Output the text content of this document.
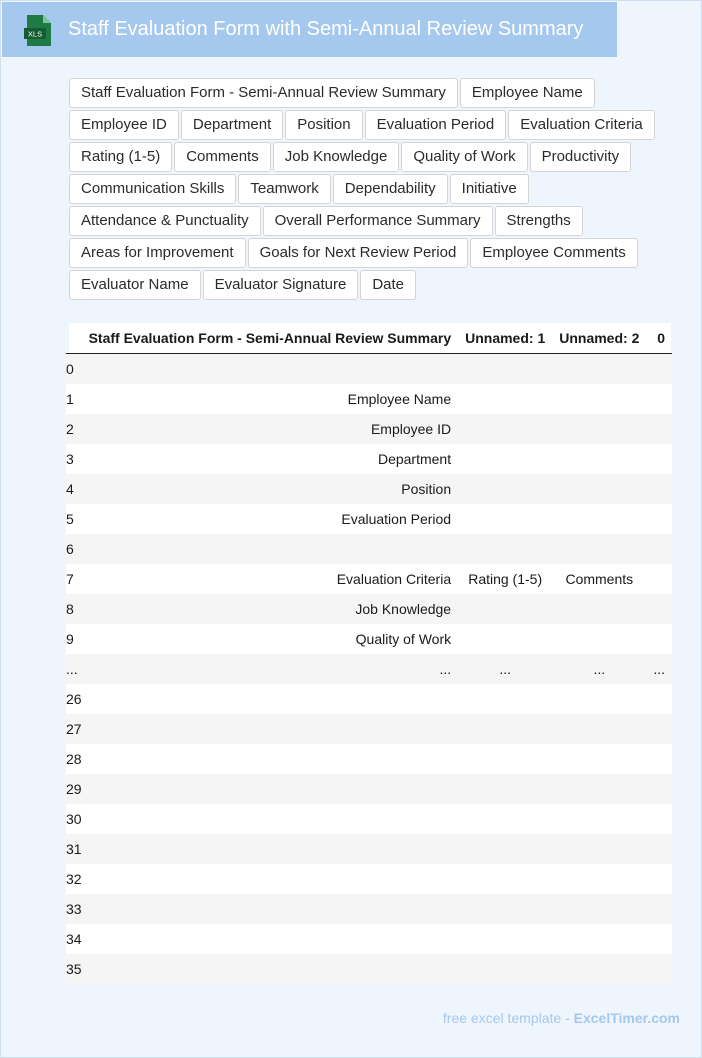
XLS Staff Evaluation Form with Semi-Annual Review Summary
Staff Evaluation Form - Semi-Annual Review Summary	Employee Name
Employee ID	Department	Position	Evaluation Period	Evaluation Criteria
Rating (1-5)	Comments	Job Knowledge	Quality of Work	Productivity
Communication Skills	Teamwork	Dependability	Initiative
Attendance & Punctuality	Overall Performance Summary	Strengths
Areas for Improvement	Goals for Next Review Period	Employee Comments
Evaluator Name	Evaluator Signature	Date
	Staff Evaluation Form - Semi-Annual Review Summary	Unnamed: 1	Unnamed: 2	0
0				
1	Employee Name			
2	Employee ID			
3	Department			
4	Position			
5	Evaluation Period			
6				
7	Evaluation Criteria	Rating (1-5)	Comments	
8	Job Knowledge			
9	Quality of Work			
...	...	...	...	...
26				
27				
28				
29				
30				
31				
32				
33				
34				
35				
free excel template - ExcelTimer.com
